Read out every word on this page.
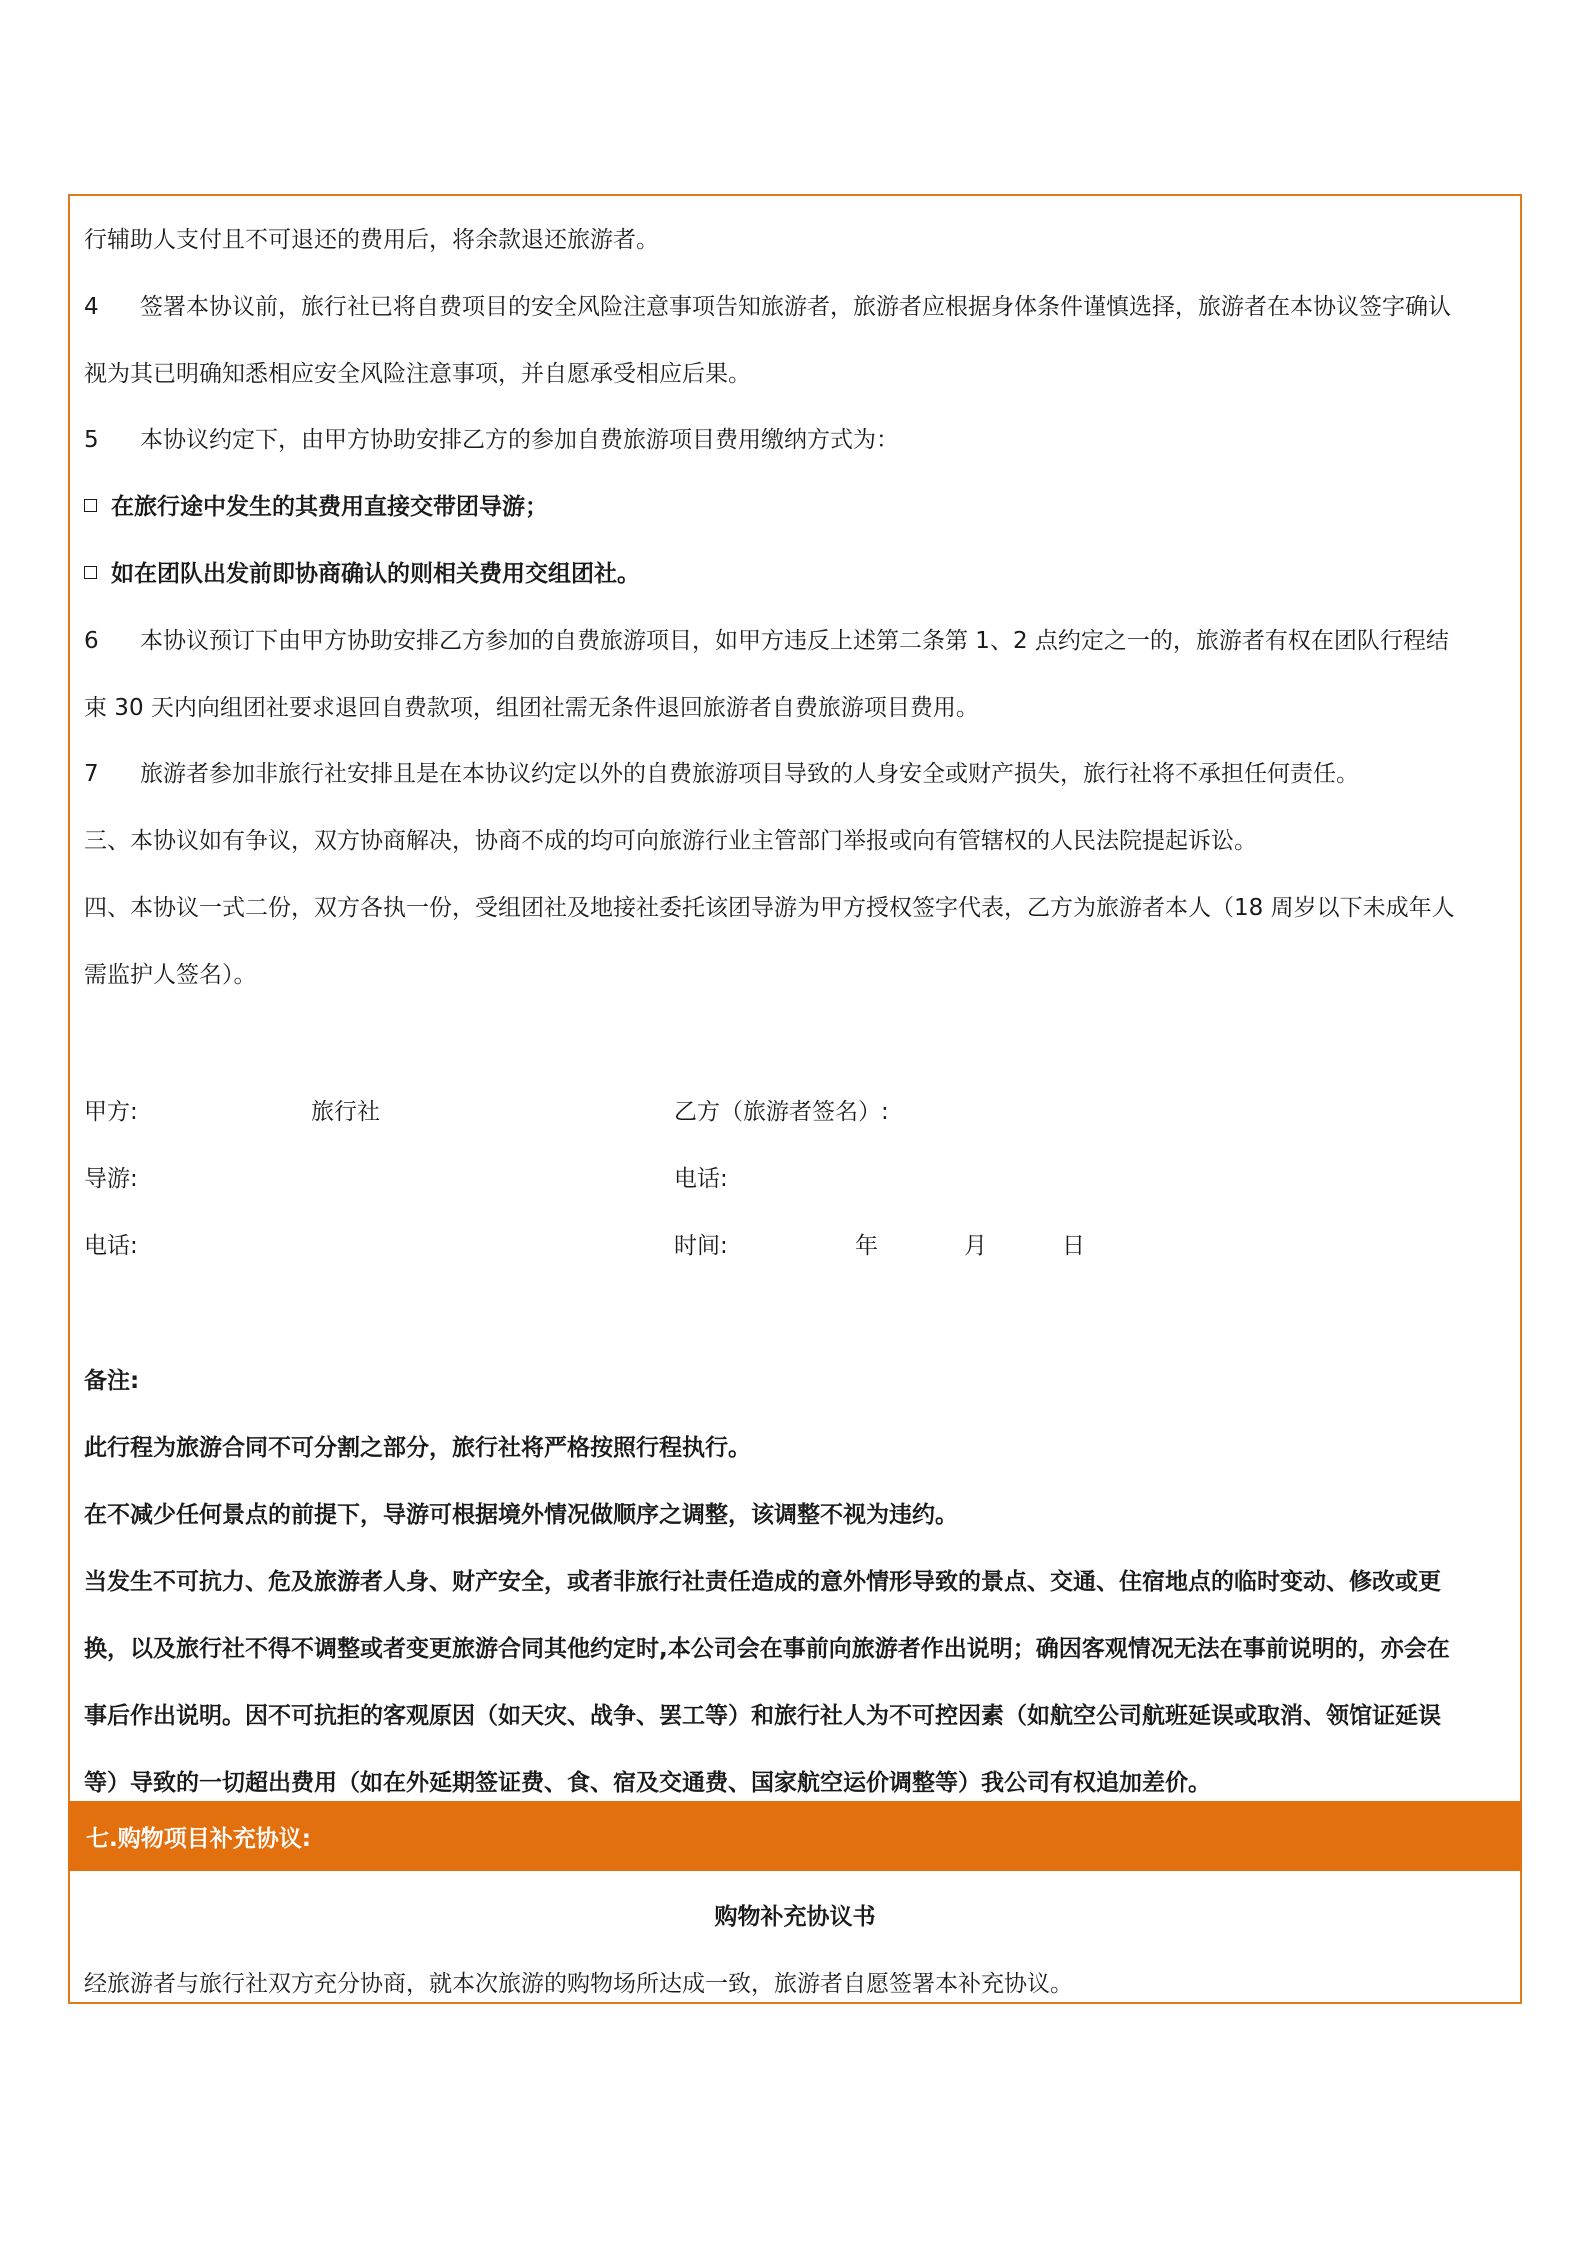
行辅助人支付且不可退还的费用后，将余款退还旅游者。
4 签署本协议前，旅行社已将自费项目的安全风险注意事项告知旅游者，旅游者应根据身体条件谨慎选择，旅游者在本协议签字确认
视为其已明确知悉相应安全风险注意事项，并自愿承受相应后果。
5 本协议约定下，由甲方协助安排乙方的参加自费旅游项目费用缴纳方式为：
在旅行途中发生的其费用直接交带团导游；
如在团队出发前即协商确认的则相关费用交组团社。
6 本协议预订下由甲方协助安排乙方参加的自费旅游项目，如甲方违反上述第二条第 1、2 点约定之一的，旅游者有权在团队行程结
束 30 天内向组团社要求退回自费款项，组团社需无条件退回旅游者自费旅游项目费用。
7 旅游者参加非旅行社安排且是在本协议约定以外的自费旅游项目导致的人身安全或财产损失，旅行社将不承担任何责任。
三、本协议如有争议，双方协商解决，协商不成的均可向旅游行业主管部门举报或向有管辖权的人民法院提起诉讼。
四、本协议一式二份，双方各执一份，受组团社及地接社委托该团导游为甲方授权签字代表，乙方为旅游者本人（18 周岁以下未成年人
需监护人签名）。
甲方:	旅行社	乙方（旅游者签名）:
导游:	电话:
电话:	时间:	年	月	日
备注:
此行程为旅游合同不可分割之部分，旅行社将严格按照行程执行。
在不减少任何景点的前提下，导游可根据境外情况做顺序之调整，该调整不视为违约。
当发生不可抗力、危及旅游者人身、财产安全，或者非旅行社责任造成的意外情形导致的景点、交通、住宿地点的临时变动、修改或更
换，以及旅行社不得不调整或者变更旅游合同其他约定时,本公司会在事前向旅游者作出说明；确因客观情况无法在事前说明的，亦会在
事后作出说明。因不可抗拒的客观原因（如天灾、战争、罢工等）和旅行社人为不可控因素（如航空公司航班延误或取消、领馆证延误
等）导致的一切超出费用（如在外延期签证费、食、宿及交通费、国家航空运价调整等）我公司有权追加差价。
七.购物项目补充协议:
购物补充协议书
经旅游者与旅行社双方充分协商，就本次旅游的购物场所达成一致，旅游者自愿签署本补充协议。
